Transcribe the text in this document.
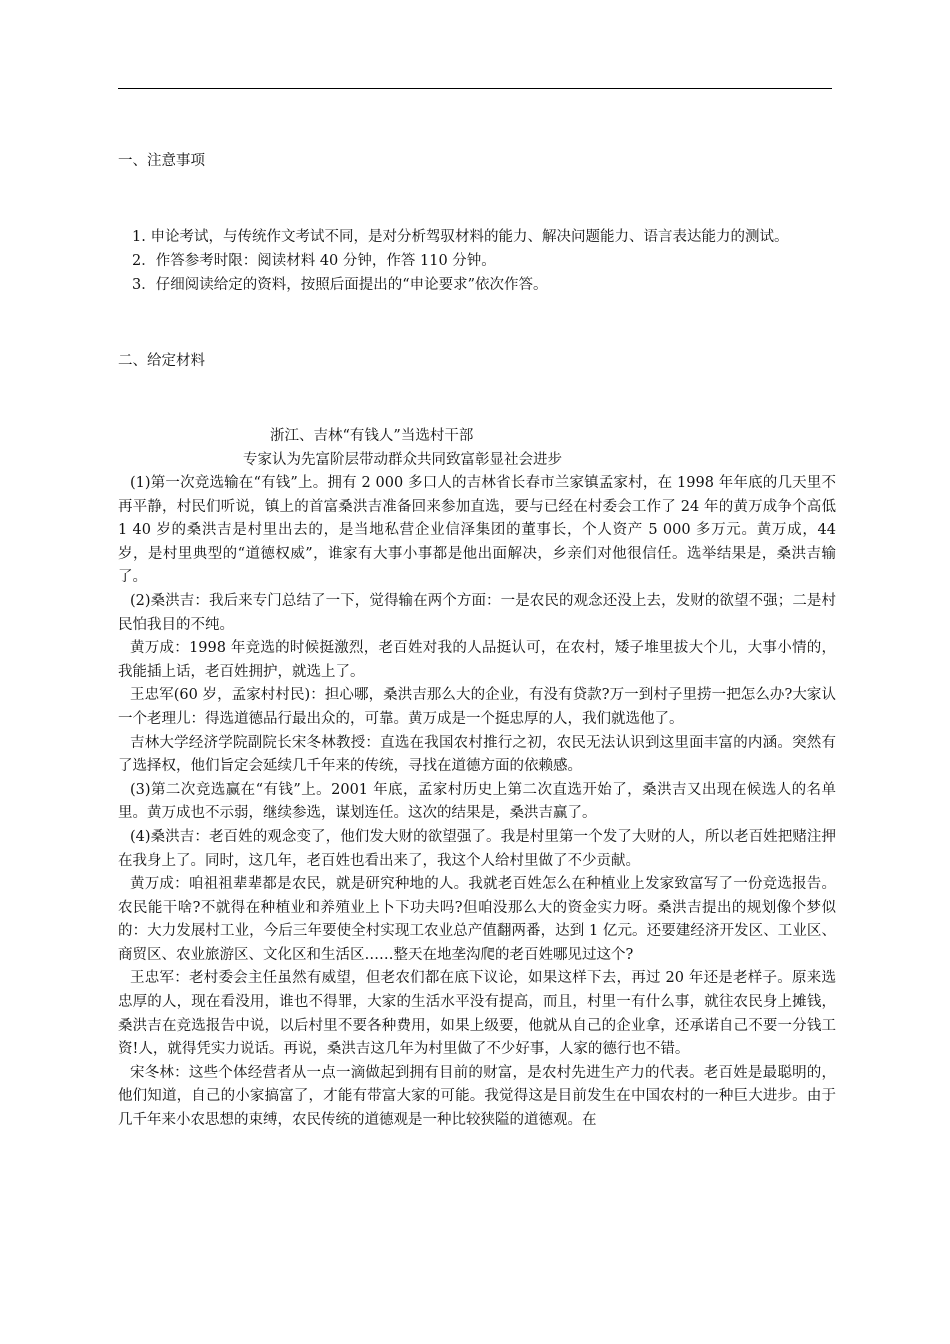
一、注意事项

1. 申论考试，与传统作文考试不同，是对分析驾驭材料的能力、解决问题能力、语言表达能力的测试。

2．作答参考时限：阅读材料 40 分钟，作答 110 分钟。

3．仔细阅读给定的资料，按照后面提出的“申论要求”依次作答。

二、给定材料
浙江、吉林“有钱人”当选村干部
专家认为先富阶层带动群众共同致富彰显社会进步

(1)第一次竞选输在“有钱”上。拥有 2 000 多口人的吉林省长春市兰家镇孟家村，在 1998 年年底的几天里不再平静，村民们听说，镇上的首富桑洪吉准备回来参加直选，要与已经在村委会工作了 24 年的黄万成争个高低 1 40 岁的桑洪吉是村里出去的，是当地私营企业信泽集团的董事长，个人资产 5 000 多万元。黄万成，44 岁，是村里典型的“道德权威”，谁家有大事小事都是他出面解决，乡亲们对他很信任。选举结果是，桑洪吉输了。

(2)桑洪吉：我后来专门总结了一下，觉得输在两个方面：一是农民的观念还没上去，发财的欲望不强；二是村民怕我目的不纯。

黄万成：1998 年竞选的时候挺激烈，老百姓对我的人品挺认可，在农村，矮子堆里拔大个儿，大事小情的，我能插上话，老百姓拥护，就选上了。

王忠军(60 岁，孟家村村民)：担心哪，桑洪吉那么大的企业，有没有贷款?万一到村子里捞一把怎么办?大家认一个老理儿：得选道德品行最出众的，可靠。黄万成是一个挺忠厚的人，我们就选他了。

吉林大学经济学院副院长宋冬林教授：直选在我国农村推行之初，农民无法认识到这里面丰富的内涵。突然有了选择权，他们旨定会延续几千年来的传统，寻找在道德方面的依赖感。

(3)第二次竞选赢在“有钱”上。2001 年底，孟家村历史上第二次直选开始了，桑洪吉又出现在候选人的名单里。黄万成也不示弱，继续参选，谋划连任。这次的结果是，桑洪吉赢了。

(4)桑洪吉：老百姓的观念变了，他们发大财的欲望强了。我是村里第一个发了大财的人，所以老百姓把赌注押在我身上了。同时，这几年，老百姓也看出来了，我这个人给村里做了不少贡献。

黄万成：咱祖祖辈辈都是农民，就是研究种地的人。我就老百姓怎么在种植业上发家致富写了一份竞选报告。农民能干啥?不就得在种植业和养殖业上卜下功夫吗?但咱没那么大的资金实力呀。桑洪吉提出的规划像个梦似的：大力发展村工业，今后三年要使全村实现工农业总产值翻两番，达到 1 亿元。还要建经济开发区、工业区、商贸区、农业旅游区、文化区和生活区……整天在地垄沟爬的老百姓哪见过这个?

王忠军：老村委会主任虽然有威望，但老农们都在底下议论，如果这样下去，再过 20 年还是老样子。原来选忠厚的人，现在看没用，谁也不得罪，大家的生活水平没有提高，而且，村里一有什么事，就往农民身上摊钱，桑洪吉在竞选报告中说，以后村里不要各种费用，如果上级要，他就从自己的企业拿，还承诺自己不要一分钱工资!人，就得凭实力说话。再说，桑洪吉这几年为村里做了不少好事，人家的德行也不错。

宋冬林：这些个体经营者从一点一滴做起到拥有目前的财富，是农村先进生产力的代表。老百姓是最聪明的，他们知道，自己的小家搞富了，才能有带富大家的可能。我觉得这是目前发生在中国农村的一种巨大进步。由于几千年来小农思想的束缚，农民传统的道德观是一种比较狭隘的道德观。在
